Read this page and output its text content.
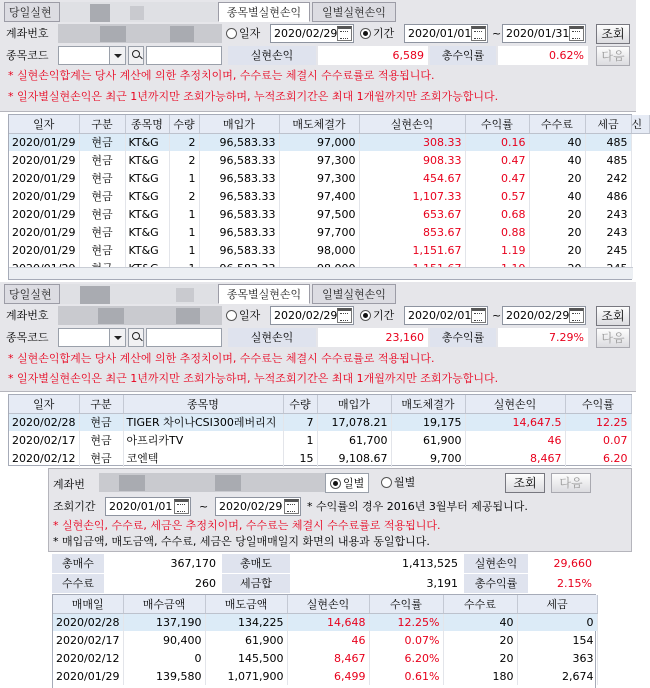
당일실현	종목별실현손익	일별실현손익
계좌번호	일자	2020/02/29	기간	2020/01/01	~ 2020/01/31	조회
종목코드	실현손익	6,589	총수익률	0.62%	다음
* 실현손익합계는 당사 계산에 의한 추정치이며, 수수료는 체결시 수수료률로 적용됩니다.
* 일자별실현손익은 최근 1년까지만 조회가능하며, 누적조회기간은 최대 1개월까지만 조회가능합니다.
일자	구분	종목명	수량	매입가	매도체결가	실현손익	수익률	수수료	세금	신
2020/01/29	현금	KT&G	2	96,583.33	97,000	308.33	0.16	40	485	
2020/01/29	현금	KT&G	2	96,583.33	97,300	908.33	0.47	40	485	
2020/01/29	현금	KT&G	1	96,583.33	97,300	454.67	0.47	20	242	
2020/01/29	현금	KT&G	2	96,583.33	97,400	1,107.33	0.57	40	486	
2020/01/29	현금	KT&G	1	96,583.33	97,500	653.67	0.68	20	243	
2020/01/29	현금	KT&G	1	96,583.33	97,700	853.67	0.88	20	243	
2020/01/29	현금	KT&G	1	96,583.33	98,000	1,151.67	1.19	20	245	

당일실현	종목별실현손익	일별실현손익
계좌번호	일자	2020/02/29	기간	2020/02/01	~ 2020/02/29	조회
종목코드	실현손익	23,160	총수익률	7.29%	다음
* 실현손익합계는 당사 계산에 의한 추정치이며, 수수료는 체결시 수수료률로 적용됩니다.
* 일자별실현손익은 최근 1년까지만 조회가능하며, 누적조회기간은 최대 1개월까지만 조회가능합니다.
일자	구분	종목명	수량	매입가	매도체결가	실현손익	수익률
2020/02/28	현금	TIGER 차이나CSI300레버리지	7	17,078.21	19,175	14,647.5	12.25
2020/02/17	현금	아프리카TV	1	61,700	61,900	46	0.07
2020/02/12	현금	코엔텍	15	9,108.67	9,700	8,467	6.20
계좌번	일별	월별	조회	다음
조회기간	2020/01/01	~ 2020/02/29	* 수익률의 경우 2016년 3월부터 제공됩니다.
* 실현손익, 수수료, 세금은 추정치이며, 수수료는 체결시 수수료률로 적용됩니다.
* 매입금액, 매도금액, 수수료, 세금은 당일매매일지 화면의 내용과 동일합니다.
총매수	367,170	총매도	1,413,525	실현손익	29,660
수수료	260	세금합	3,191	총수익률	2.15%
매매일	매수금액	매도금액	실현손익	수익률	수수료	세금
2020/02/28	137,190	134,225	14,648	12.25%	40	0
2020/02/17	90,400	61,900	46	0.07%	20	154
2020/02/12	0	145,500	8,467	6.20%	20	363
2020/01/29	139,580	1,071,900	6,499	0.61%	180	2,674
